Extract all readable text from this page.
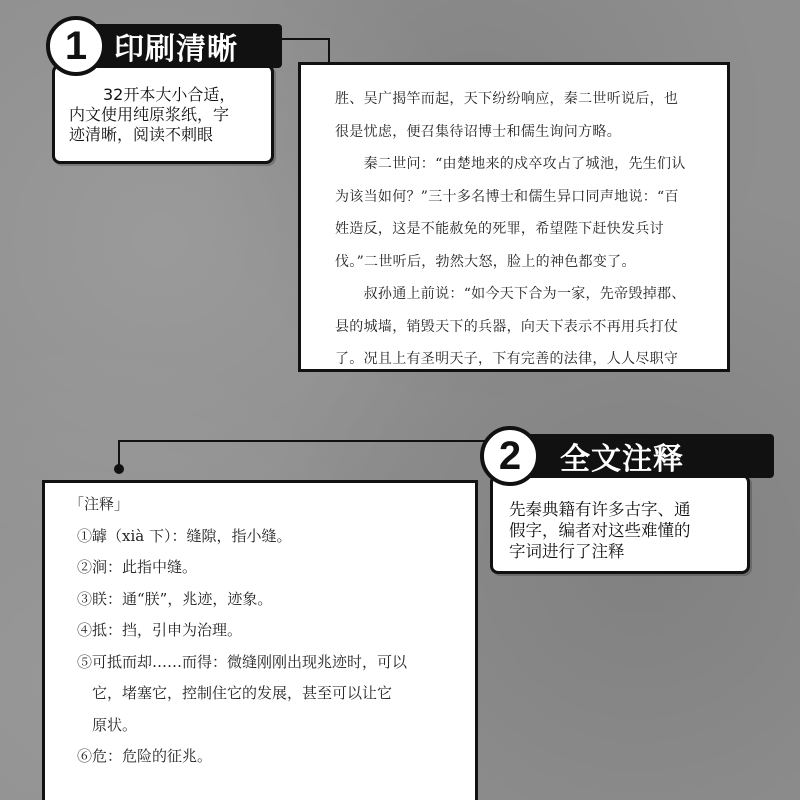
印刷清晰
1
32开本大小合适，
内文使用纯原浆纸，字
迹清晰，阅读不刺眼

胜、吴广揭竿而起，天下纷纷响应，秦二世听说后，也

很是忧虑，便召集待诏博士和儒生询问方略。

　　秦二世问：“由楚地来的戍卒攻占了城池，先生们认

为该当如何？”三十多名博士和儒生异口同声地说：“百

姓造反，这是不能赦免的死罪，希望陛下赶快发兵讨

伐。”二世听后，勃然大怒，脸上的神色都变了。

　　叔孙通上前说：“如今天下合为一家，先帝毁掉郡、

县的城墙，销毁天下的兵器，向天下表示不再用兵打仗

了。况且上有圣明天子，下有完善的法律，人人尽职守

全文注释
2
先秦典籍有许多古字、通
假字，编者对这些难懂的
字词进行了注释

「注释」

①罅（xià 下）：缝隙，指小缝。

②涧：此指中缝。

③眹：通“朕”，兆迹，迹象。

④抵：挡，引申为治理。

⑤可抵而却……而得：微缝刚刚出现兆迹时，可以

　它，堵塞它，控制住它的发展，甚至可以让它

　原状。

⑥危：危险的征兆。
